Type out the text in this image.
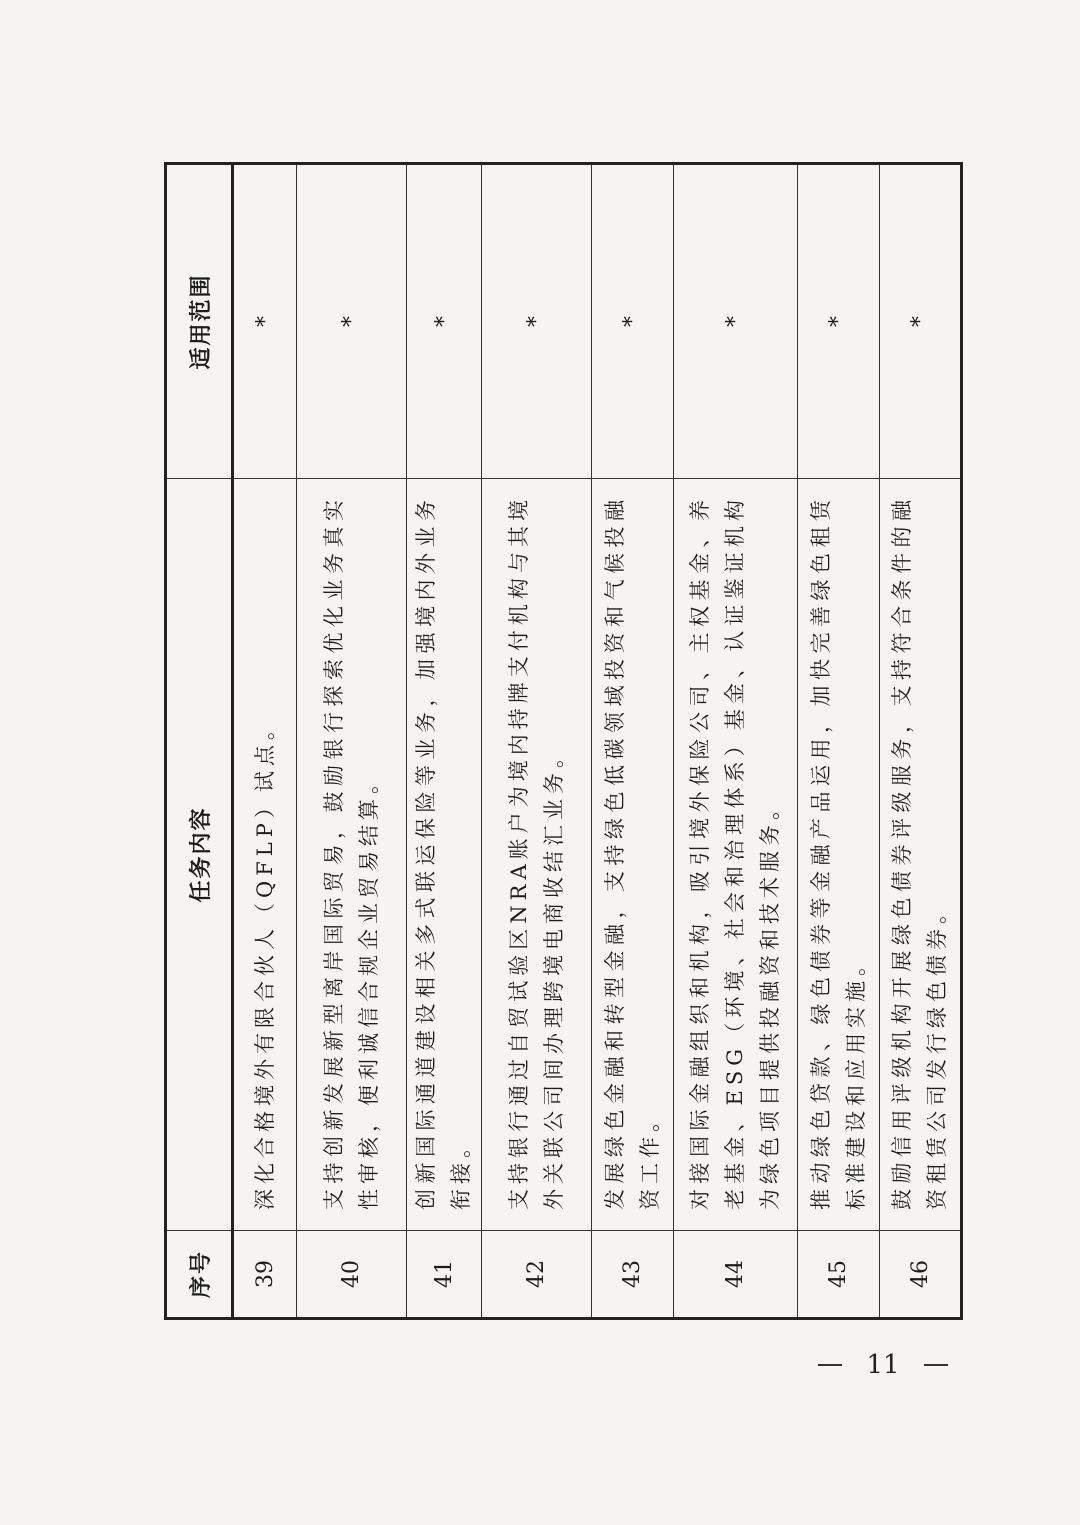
序号	任务内容	适用范围
39	深化合格境外有限合伙人（QFLP）试点。	*
40	支持创新发展新型离岸国际贸易，鼓励银行探索优化业务真实性审核，便利诚信合规企业贸易结算。	*
41	创新国际通道建设相关多式联运保险等业务，加强境内外业务衔接。	*
42	支持银行通过自贸试验区NRA账户为境内持牌支付机构与其境外关联公司间办理跨境电商收结汇业务。	*
43	发展绿色金融和转型金融，支持绿色低碳领域投资和气候投融资工作。	*
44	对接国际金融组织和机构，吸引境外保险公司、主权基金、养老基金、ESG（环境、社会和治理体系）基金、认证鉴证机构为绿色项目提供投融资和技术服务。	*
45	推动绿色贷款、绿色债券等金融产品运用，加快完善绿色租赁标准建设和应用实施。	*
46	鼓励信用评级机构开展绿色债券评级服务，支持符合条件的融资租赁公司发行绿色债券。	*
11
